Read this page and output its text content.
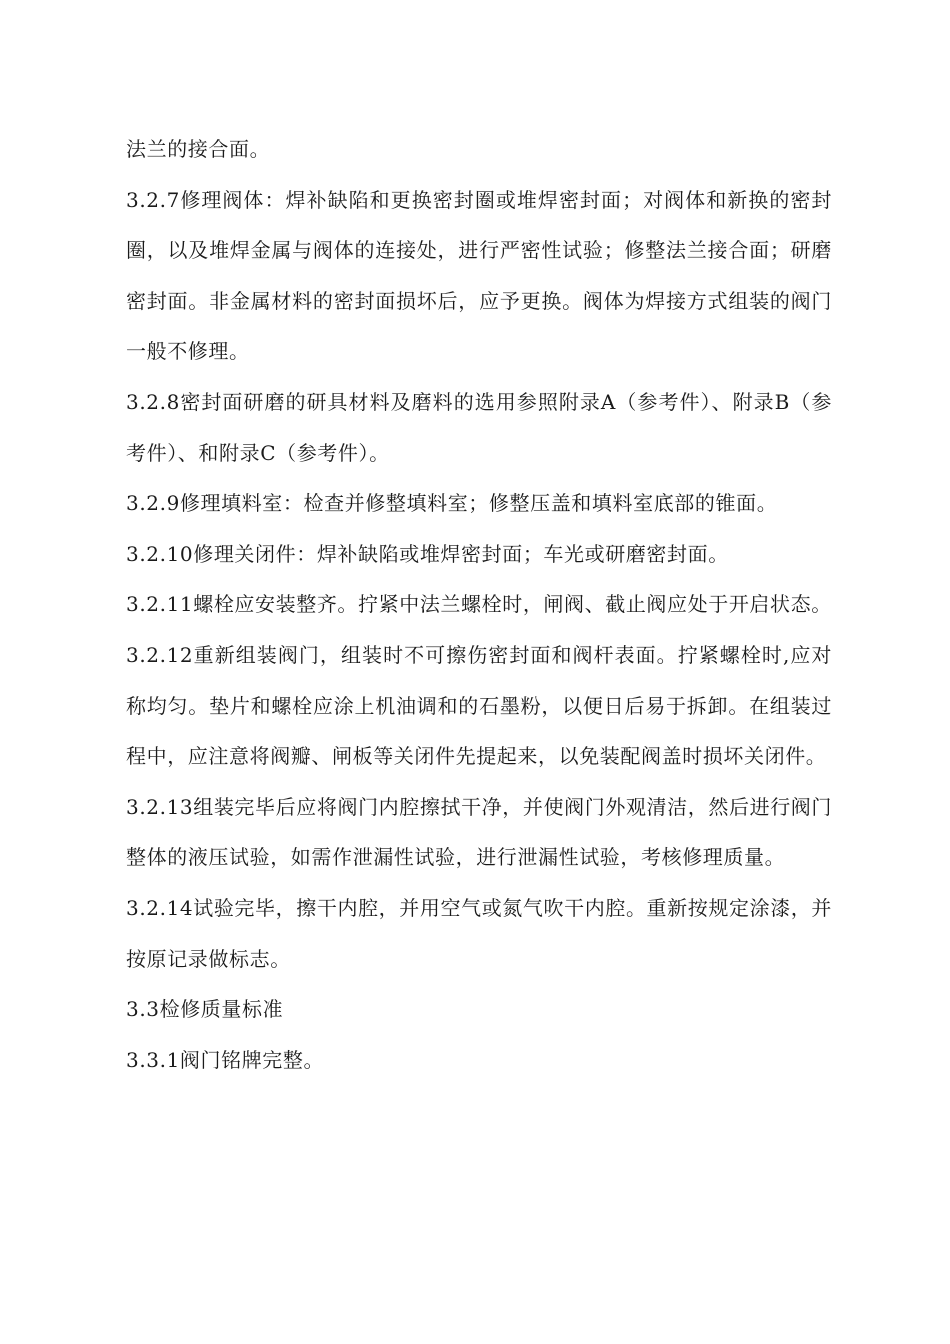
法兰的接合面。

3.2.7修理阀体：焊补缺陷和更换密封圈或堆焊密封面；对阀体和新换的密封圈，以及堆焊金属与阀体的连接处，进行严密性试验；修整法兰接合面；研磨密封面。非金属材料的密封面损坏后，应予更换。阀体为焊接方式组装的阀门一般不修理。

3.2.8密封面研磨的研具材料及磨料的选用参照附录A（参考件）、附录B（参考件）、和附录C（参考件）。

3.2.9修理填料室：检查并修整填料室；修整压盖和填料室底部的锥面。

3.2.10修理关闭件：焊补缺陷或堆焊密封面；车光或研磨密封面。

3.2.11螺栓应安装整齐。拧紧中法兰螺栓时，闸阀、截止阀应处于开启状态。

3.2.12重新组装阀门，组装时不可擦伤密封面和阀杆表面。拧紧螺栓时,应对称均匀。垫片和螺栓应涂上机油调和的石墨粉，以便日后易于拆卸。在组装过程中，应注意将阀瓣、闸板等关闭件先提起来，以免装配阀盖时损坏关闭件。

3.2.13组装完毕后应将阀门内腔擦拭干净，并使阀门外观清洁，然后进行阀门整体的液压试验，如需作泄漏性试验，进行泄漏性试验，考核修理质量。

3.2.14试验完毕，擦干内腔，并用空气或氮气吹干内腔。重新按规定涂漆，并按原记录做标志。

3.3检修质量标准

3.3.1阀门铭牌完整。
